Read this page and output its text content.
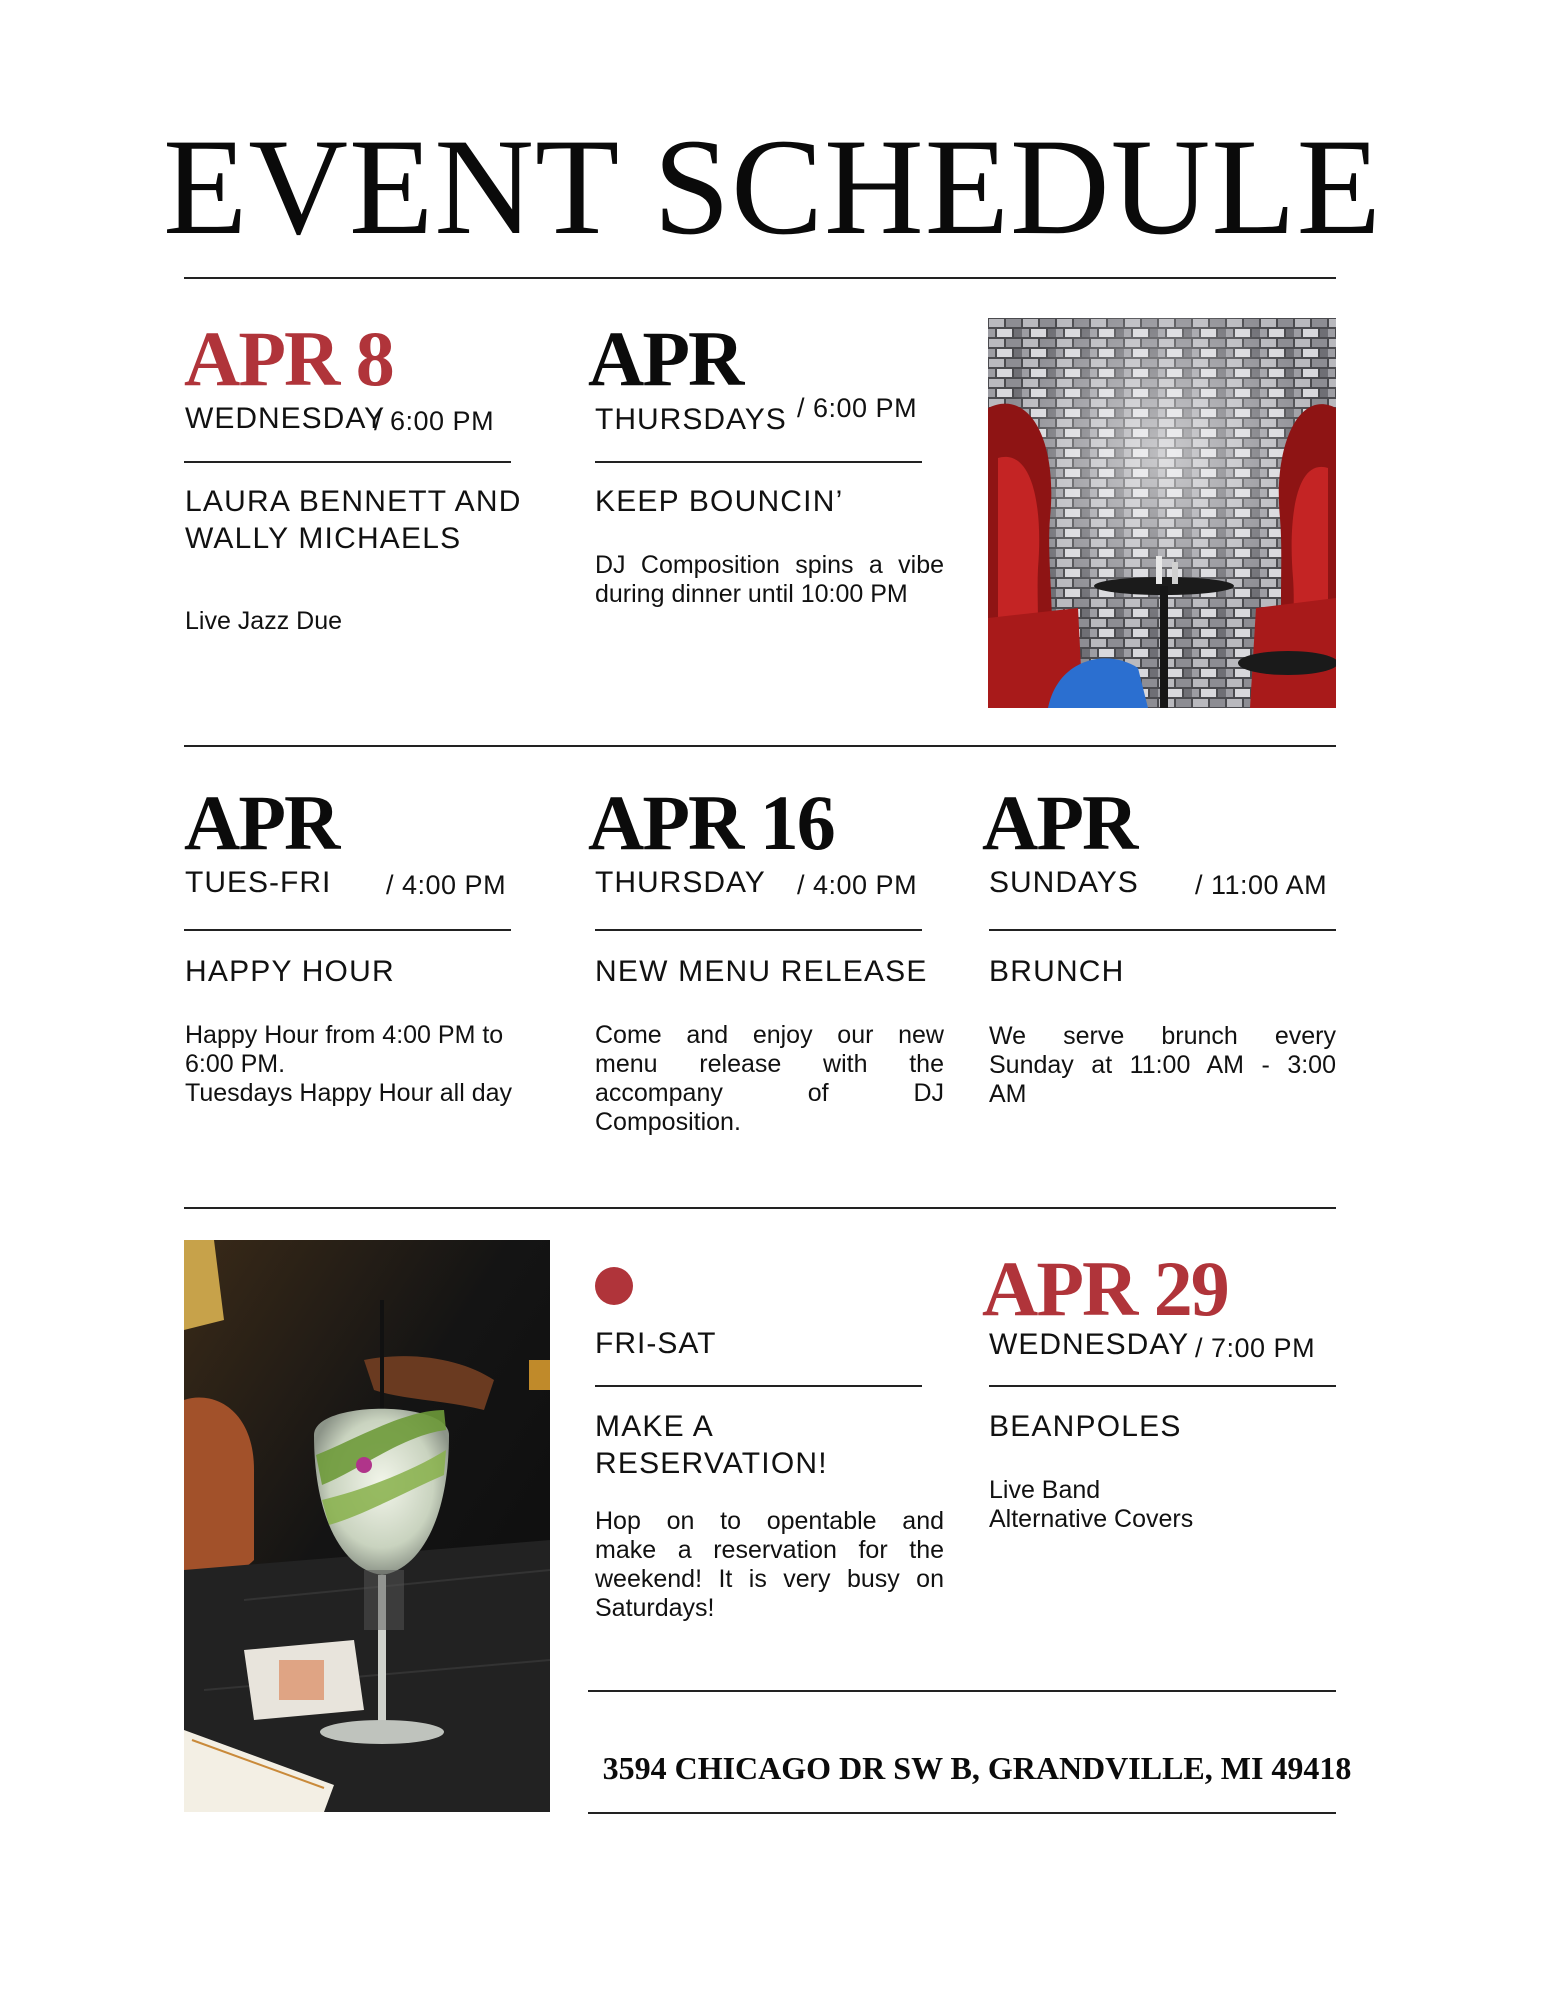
EVENT SCHEDULE
APR 8
WEDNESDAY
/ 6:00 PM
LAURA BENNETT AND WALLY MICHAELS
Live Jazz Due
APR
THURSDAYS / 6:00 PM
KEEP BOUNCIN’
DJ Composition spins a vibe
during dinner until 10:00 PM
APR
TUES-FRI / 4:00 PM
HAPPY HOUR
Happy Hour from 4:00 PM to
6:00 PM.
Tuesdays Happy Hour all day
APR 16
THURSDAY / 4:00 PM
NEW MENU RELEASE
Come and enjoy our new
menu release with the
accompany of DJ
Composition.
APR
SUNDAYS / 11:00 AM
BRUNCH
We serve brunch every
Sunday at 11:00 AM - 3:00
AM
FRI-SAT
MAKE A RESERVATION!
Hop on to opentable and
make a reservation for the
weekend! It is very busy on
Saturdays!
APR 29
WEDNESDAY / 7:00 PM
BEANPOLES
Live Band
Alternative Covers
3594 CHICAGO DR SW B, GRANDVILLE, MI 49418
